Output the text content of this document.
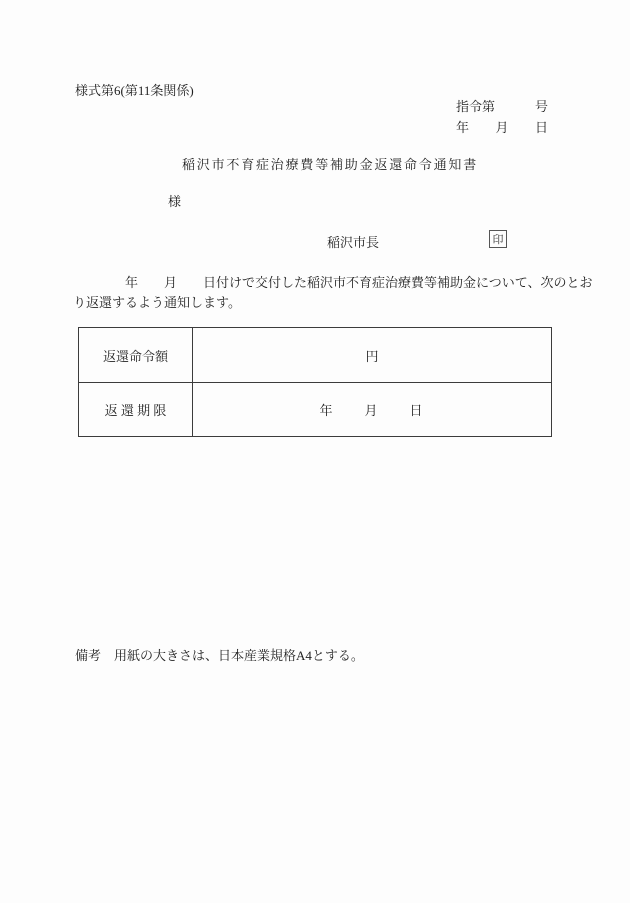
様式第6(第11条関係)
指令第	号
年 月 日
稲沢市不育症治療費等補助金返還命令通知書
様
稲沢市長	印
　　　　年　　月　　日付けで交付した稲沢市不育症治療費等補助金について、次のとお
り返還するよう通知します。
返還命令額	円
返 還 期 限	年　　月　　日
備考　用紙の大きさは、日本産業規格A4とする。
